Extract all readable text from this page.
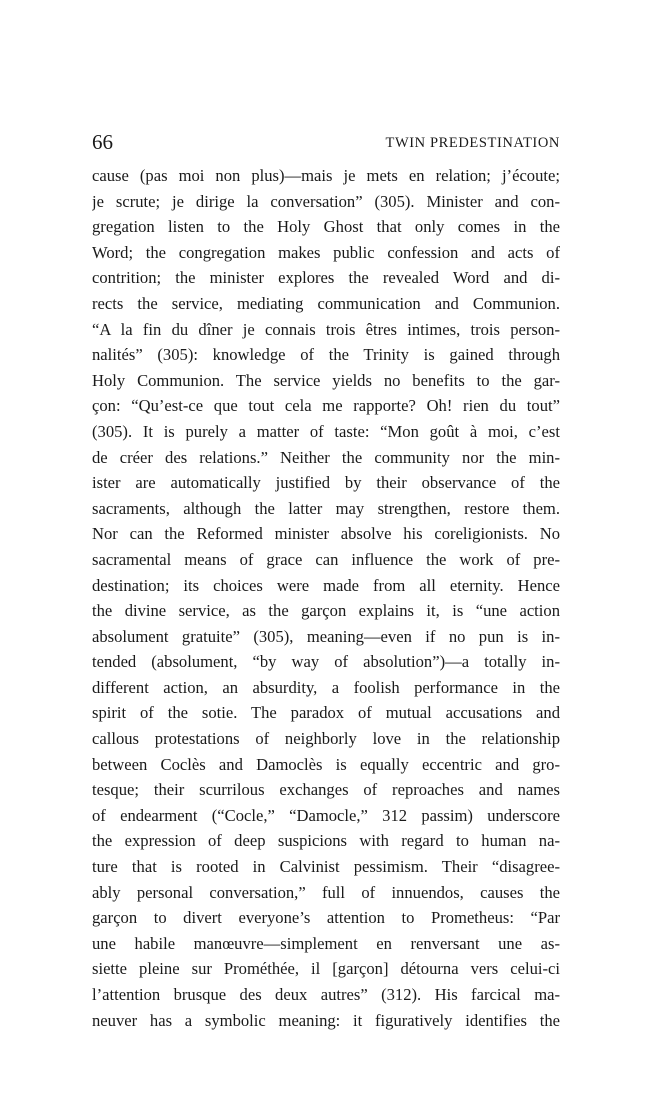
66	TWIN PREDESTINATION
cause (pas moi non plus)—mais je mets en relation; j’écoute;
je scrute; je dirige la conversation” (305). Minister and con-
gregation listen to the Holy Ghost that only comes in the
Word; the congregation makes public confession and acts of
contrition; the minister explores the revealed Word and di-
rects the service, mediating communication and Communion.
“A la fin du dîner je connais trois êtres intimes, trois person-
nalités” (305): knowledge of the Trinity is gained through
Holy Communion. The service yields no benefits to the gar-
çon: “Qu’est-ce que tout cela me rapporte? Oh! rien du tout”
(305). It is purely a matter of taste: “Mon goût à moi, c’est
de créer des relations.” Neither the community nor the min-
ister are automatically justified by their observance of the
sacraments, although the latter may strengthen, restore them.
Nor can the Reformed minister absolve his coreligionists. No
sacramental means of grace can influence the work of pre-
destination; its choices were made from all eternity. Hence
the divine service, as the garçon explains it, is “une action
absolument gratuite” (305), meaning—even if no pun is in-
tended (absolument, “by way of absolution”)—a totally in-
different action, an absurdity, a foolish performance in the
spirit of the sotie. The paradox of mutual accusations and
callous protestations of neighborly love in the relationship
between Coclès and Damoclès is equally eccentric and gro-
tesque; their scurrilous exchanges of reproaches and names
of endearment (“Cocle,” “Damocle,” 312 passim) underscore
the expression of deep suspicions with regard to human na-
ture that is rooted in Calvinist pessimism. Their “disagree-
ably personal conversation,” full of innuendos, causes the
garçon to divert everyone’s attention to Prometheus: “Par
une habile manœuvre—simplement en renversant une as-
siette pleine sur Prométhée, il [garçon] détourna vers celui-ci
l’attention brusque des deux autres” (312). His farcical ma-
neuver has a symbolic meaning: it figuratively identifies the
